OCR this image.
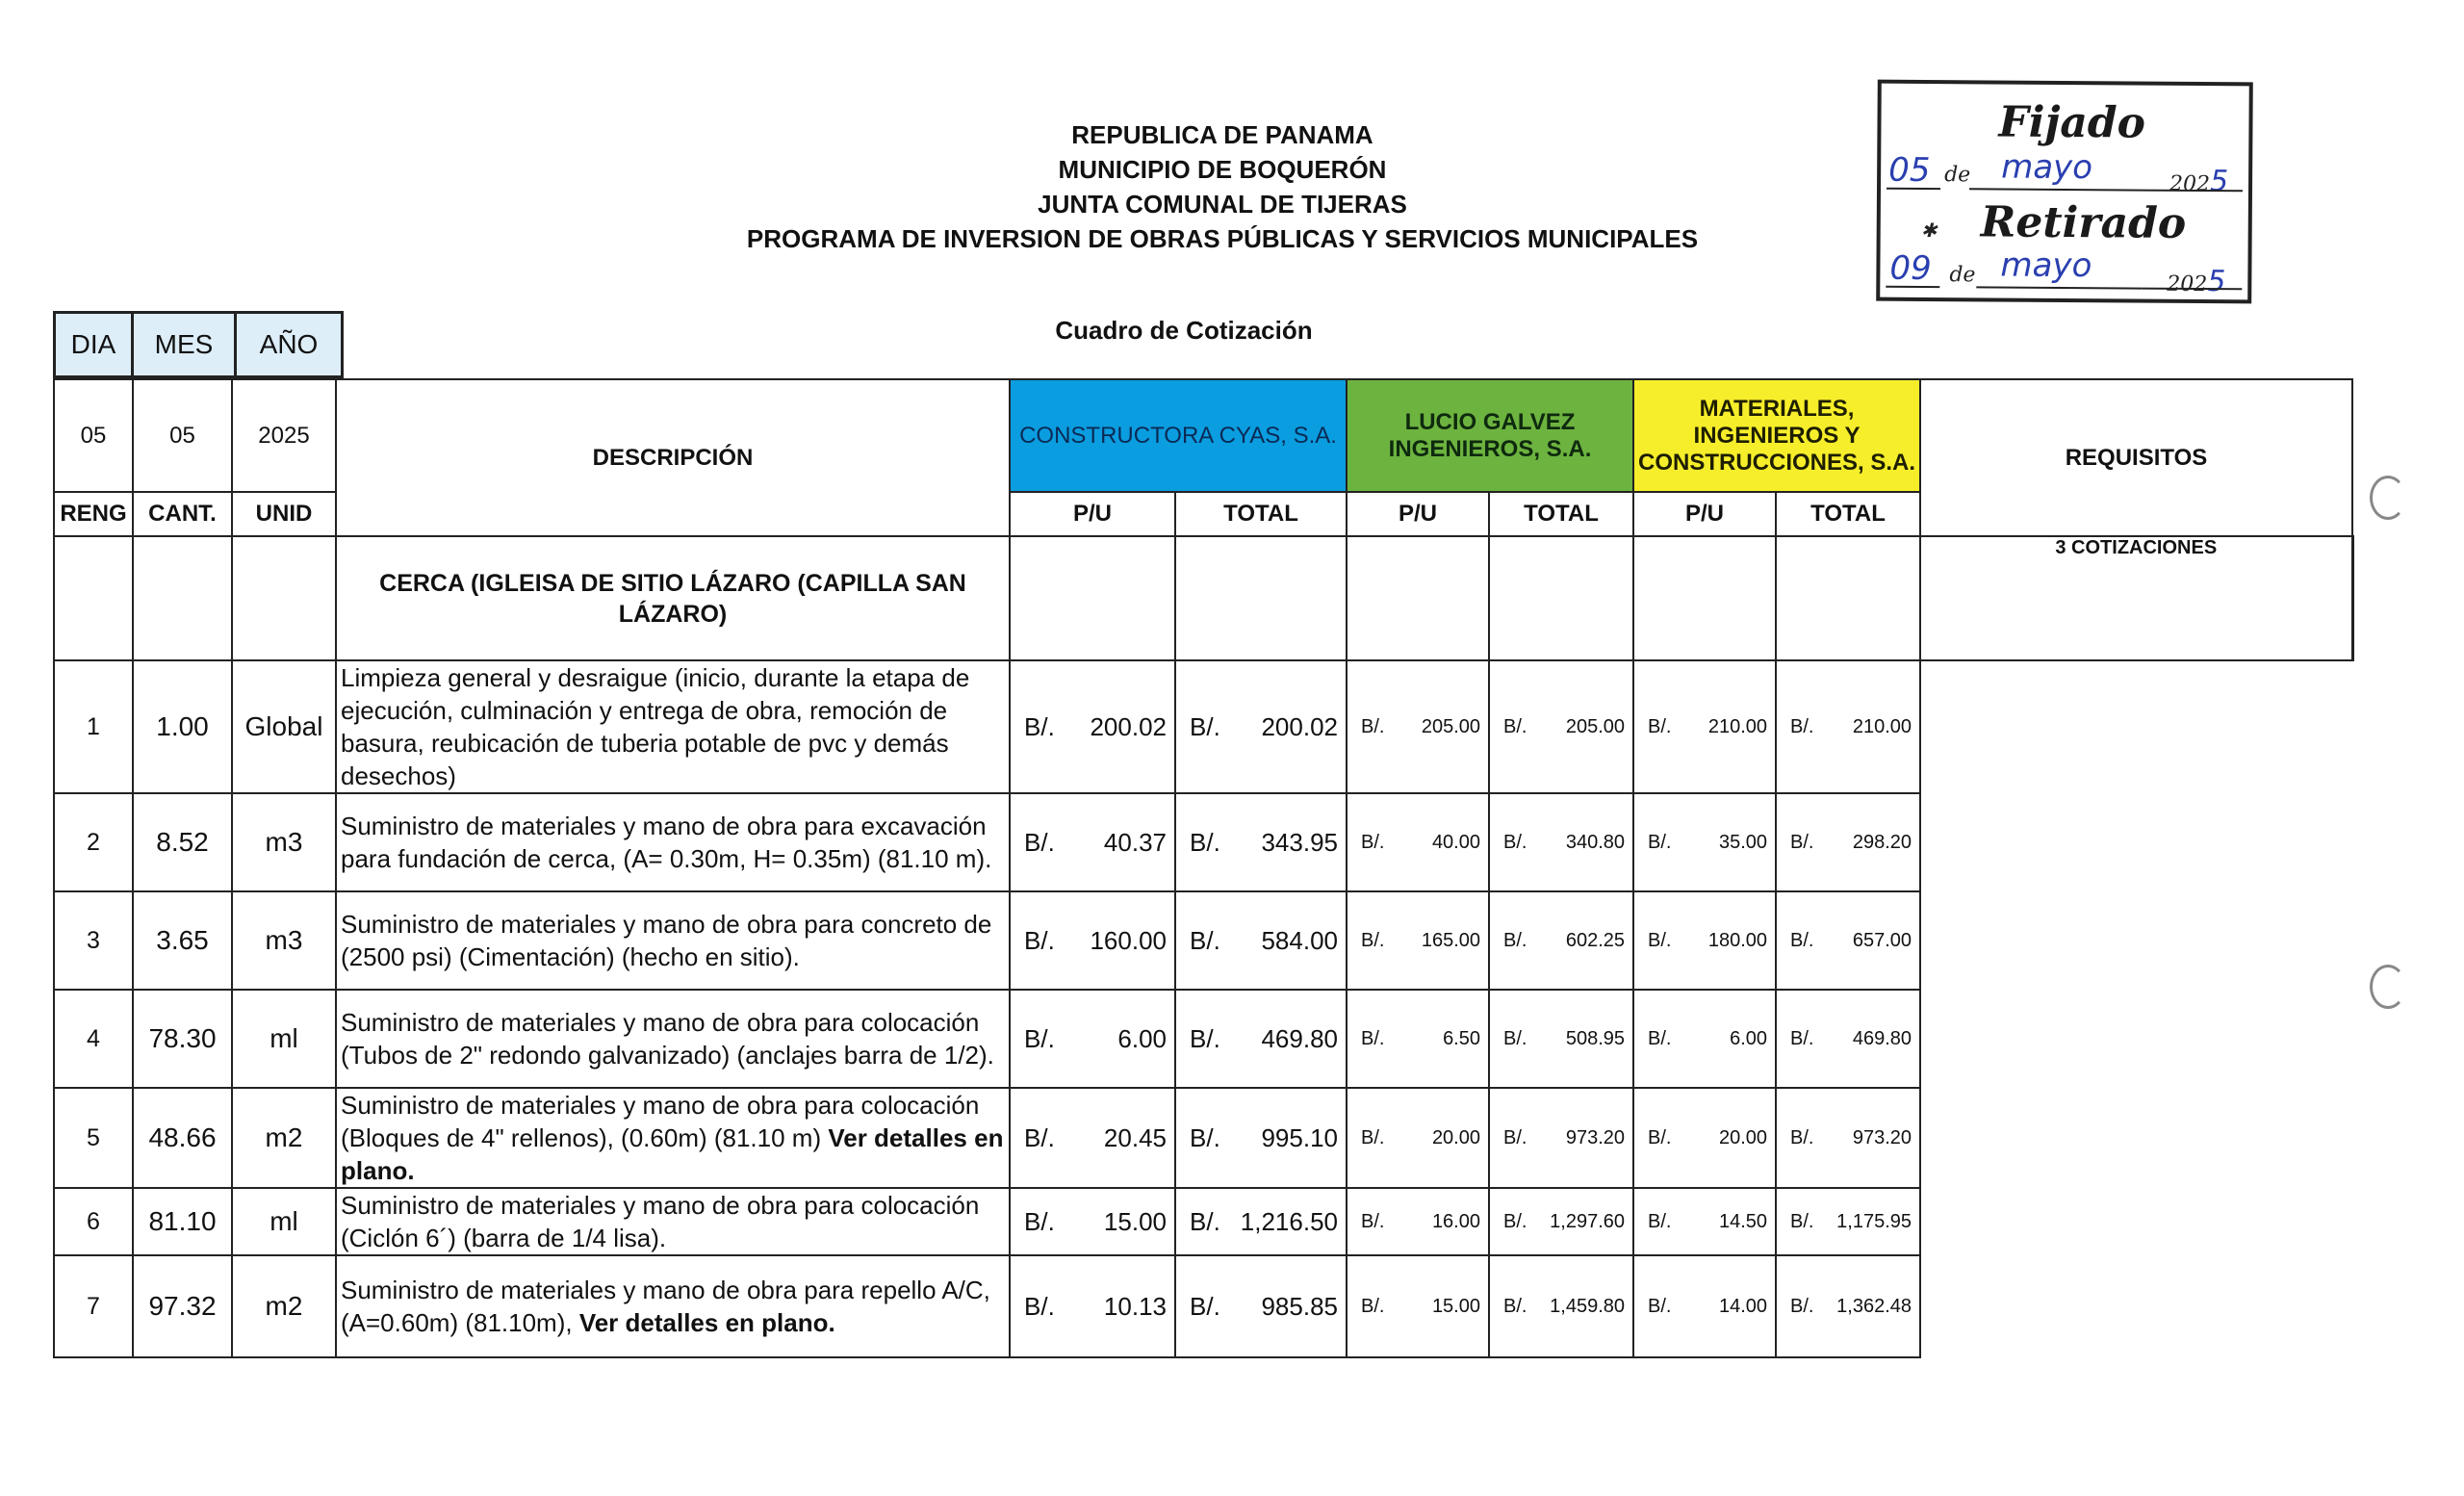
REPUBLICA DE PANAMA
MUNICIPIO DE BOQUERÓN
JUNTA COMUNAL DE TIJERAS
PROGRAMA DE INVERSION DE OBRAS PÚBLICAS Y SERVICIOS MUNICIPALES
Cuadro de Cotización
Fijado
05 de mayo	2025
✱ Retirado
09 de mayo	2025
DIA	MES	AÑO
05	05	2025	DESCRIPCIÓN	CONSTRUCTORA CYAS, S.A.		LUCIO GALVEZ INGENIEROS, S.A.		MATERIALES, INGENIEROS Y CONSTRUCCIONES, S.A.		REQUISITOS
RENG	CANT.	UNID		P/U	TOTAL	P/U	TOTAL	P/U	TOTAL	
			CERCA (IGLEISA DE SITIO LÁZARO (CAPILLA SAN LÁZARO)							3 COTIZACIONES
1	1.00	Global	Limpieza general y desraigue (inicio, durante la etapa de ejecución, culminación y entrega de obra, remoción de basura, reubicación de tuberia potable de pvc y demás desechos)	B/. 200.02	B/. 200.02	B/. 205.00	B/. 205.00	B/. 210.00	B/. 210.00	

2	8.52	m3	Suministro de materiales y mano de obra para excavación para fundación de cerca, (A= 0.30m, H= 0.35m) (81.10 m).	B/. 40.37	B/. 343.95	B/. 40.00	B/. 340.80	B/. 35.00	B/. 298.20	

3	3.65	m3	Suministro de materiales y mano de obra para concreto de (2500 psi) (Cimentación) (hecho en sitio).	B/. 160.00	B/. 584.00	B/. 165.00	B/. 602.25	B/. 180.00	B/. 657.00	

4	78.30	ml	Suministro de materiales y mano de obra para colocación (Tubos de 2" redondo galvanizado) (anclajes barra de 1/2).	B/. 6.00	B/. 469.80	B/. 6.50	B/. 508.95	B/. 6.00	B/. 469.80	

5	48.66	m2	Suministro de materiales y mano de obra para colocación (Bloques de 4" rellenos), (0.60m) (81.10 m) Ver detalles en plano.	B/. 20.45	B/. 995.10	B/. 20.00	B/. 973.20	B/. 20.00	B/. 973.20	

6	81.10	ml	Suministro de materiales y mano de obra para colocación (Ciclón 6´) (barra de 1/4 lisa).	B/. 15.00	B/. 1,216.50	B/. 16.00	B/. 1,297.60	B/. 14.50	B/. 1,175.95	

7	97.32	m2	Suministro de materiales y mano de obra para repello A/C, (A=0.60m) (81.10m), Ver detalles en plano.	B/. 10.13	B/. 985.85	B/. 15.00	B/. 1,459.80	B/. 14.00	B/. 1,362.48	
